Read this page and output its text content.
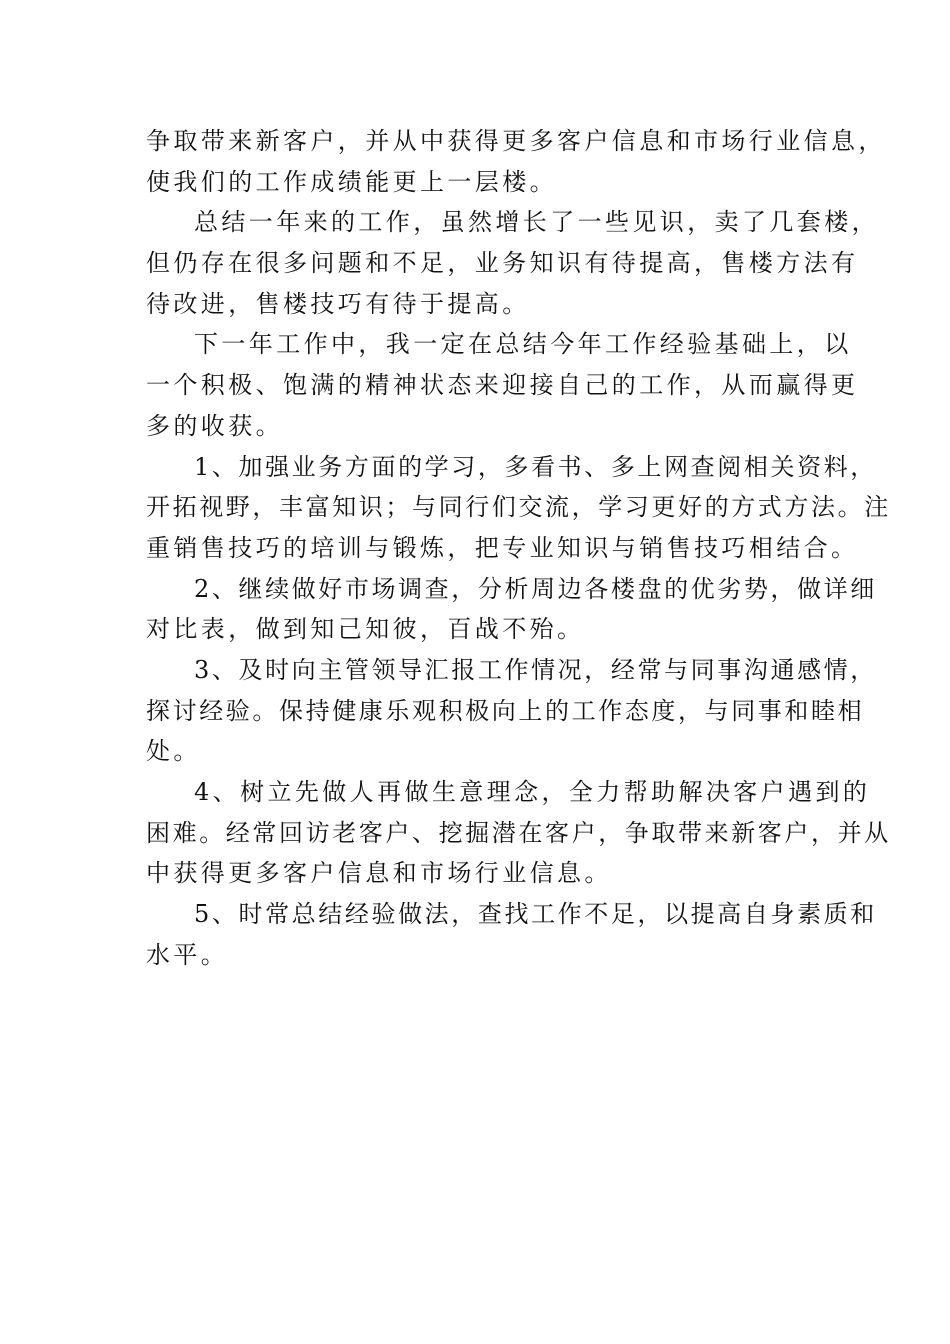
争取带来新客户，并从中获得更多客户信息和市场行业信息，
使我们的工作成绩能更上一层楼。
总结一年来的工作，虽然增长了一些见识，卖了几套楼，
但仍存在很多问题和不足，业务知识有待提高，售楼方法有
待改进，售楼技巧有待于提高。
下一年工作中，我一定在总结今年工作经验基础上，以
一个积极、饱满的精神状态来迎接自己的工作，从而赢得更
多的收获。
1、加强业务方面的学习，多看书、多上网查阅相关资料，
开拓视野，丰富知识；与同行们交流，学习更好的方式方法。注
重销售技巧的培训与锻炼，把专业知识与销售技巧相结合。
2、继续做好市场调查，分析周边各楼盘的优劣势，做详细
对比表，做到知己知彼，百战不殆。
3、及时向主管领导汇报工作情况，经常与同事沟通感情，
探讨经验。保持健康乐观积极向上的工作态度，与同事和睦相
处。
4、树立先做人再做生意理念，全力帮助解决客户遇到的
困难。经常回访老客户、挖掘潜在客户，争取带来新客户，并从
中获得更多客户信息和市场行业信息。
5、时常总结经验做法，查找工作不足，以提高自身素质和
水平。
